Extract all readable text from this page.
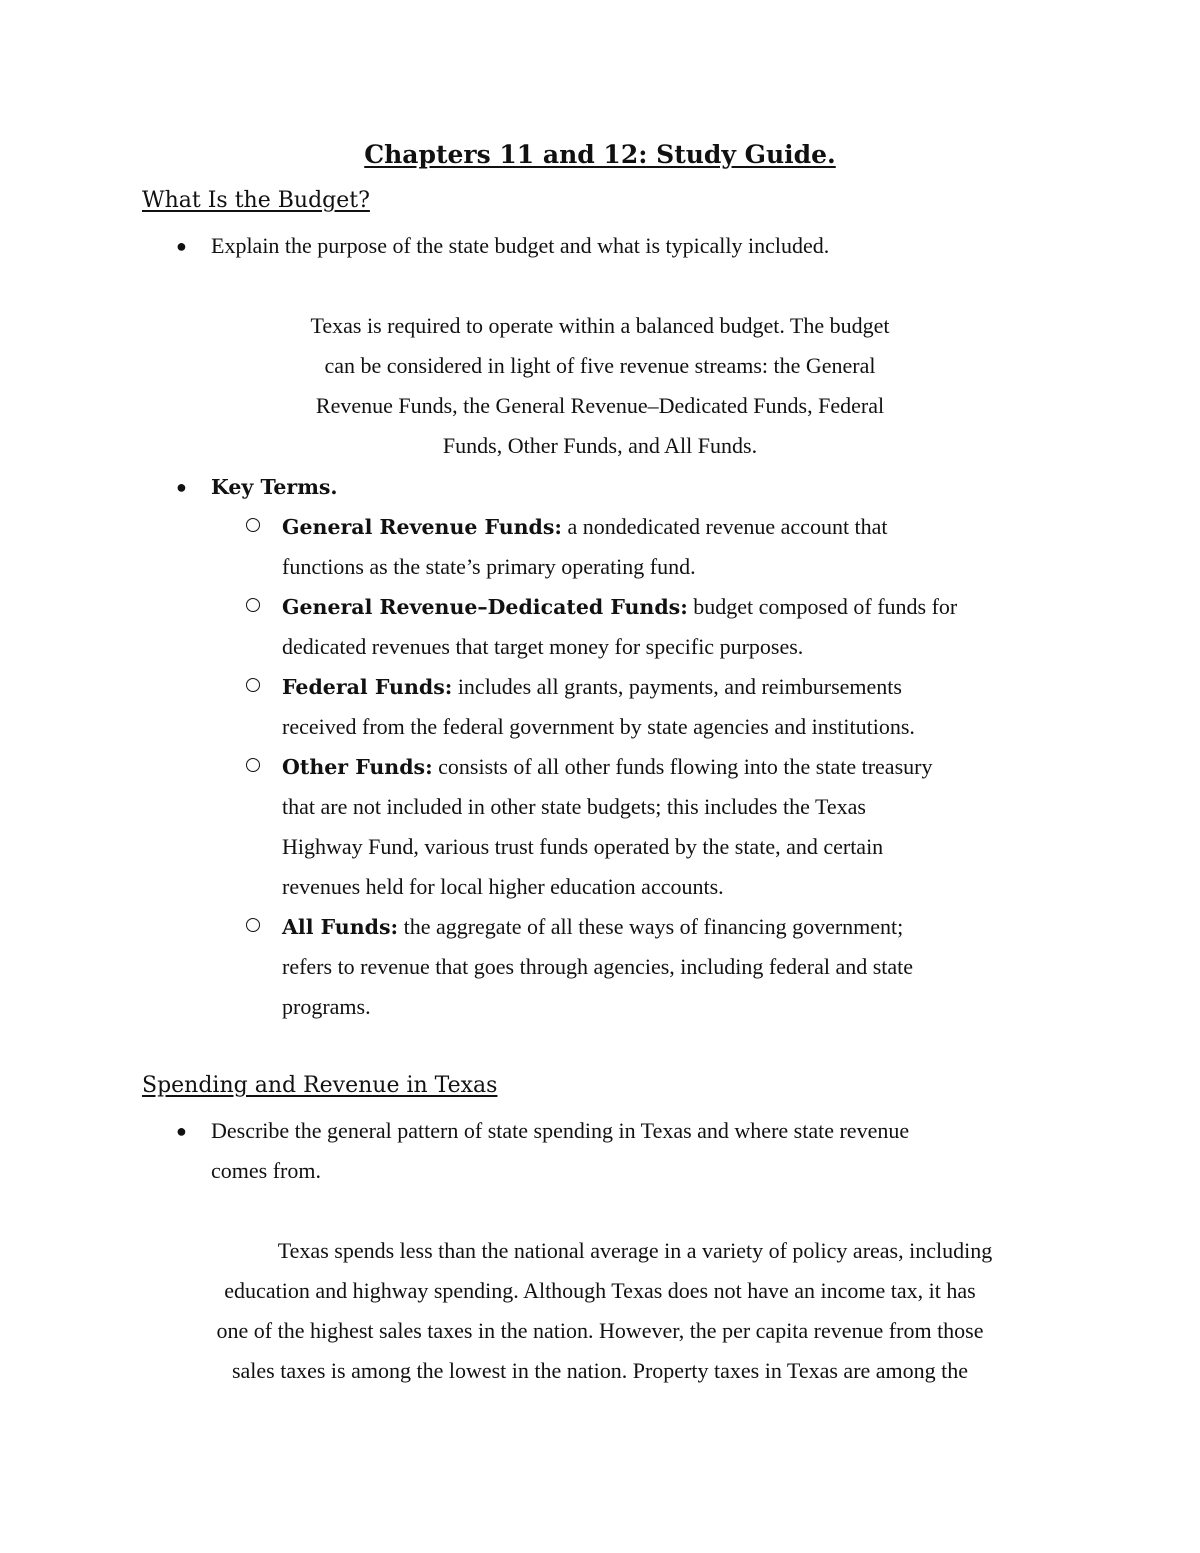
Chapters 11 and 12: Study Guide.
What Is the Budget?
● Explain the purpose of the state budget and what is typically included.
Texas is required to operate within a balanced budget. The budget
can be considered in light of five revenue streams: the General
Revenue Funds, the General Revenue–Dedicated Funds, Federal
Funds, Other Funds, and All Funds.
● Key Terms.
General Revenue Funds: a nondedicated revenue account that
functions as the state’s primary operating fund.
General Revenue–Dedicated Funds: budget composed of funds for
dedicated revenues that target money for specific purposes.
Federal Funds: includes all grants, payments, and reimbursements
received from the federal government by state agencies and institutions.
Other Funds: consists of all other funds flowing into the state treasury
that are not included in other state budgets; this includes the Texas
Highway Fund, various trust funds operated by the state, and certain
revenues held for local higher education accounts.
All Funds: the aggregate of all these ways of financing government;
refers to revenue that goes through agencies, including federal and state
programs.
Spending and Revenue in Texas
● Describe the general pattern of state spending in Texas and where state revenue
comes from.
Texas spends less than the national average in a variety of policy areas, including
education and highway spending. Although Texas does not have an income tax, it has
one of the highest sales taxes in the nation. However, the per capita revenue from those
sales taxes is among the lowest in the nation. Property taxes in Texas are among the
